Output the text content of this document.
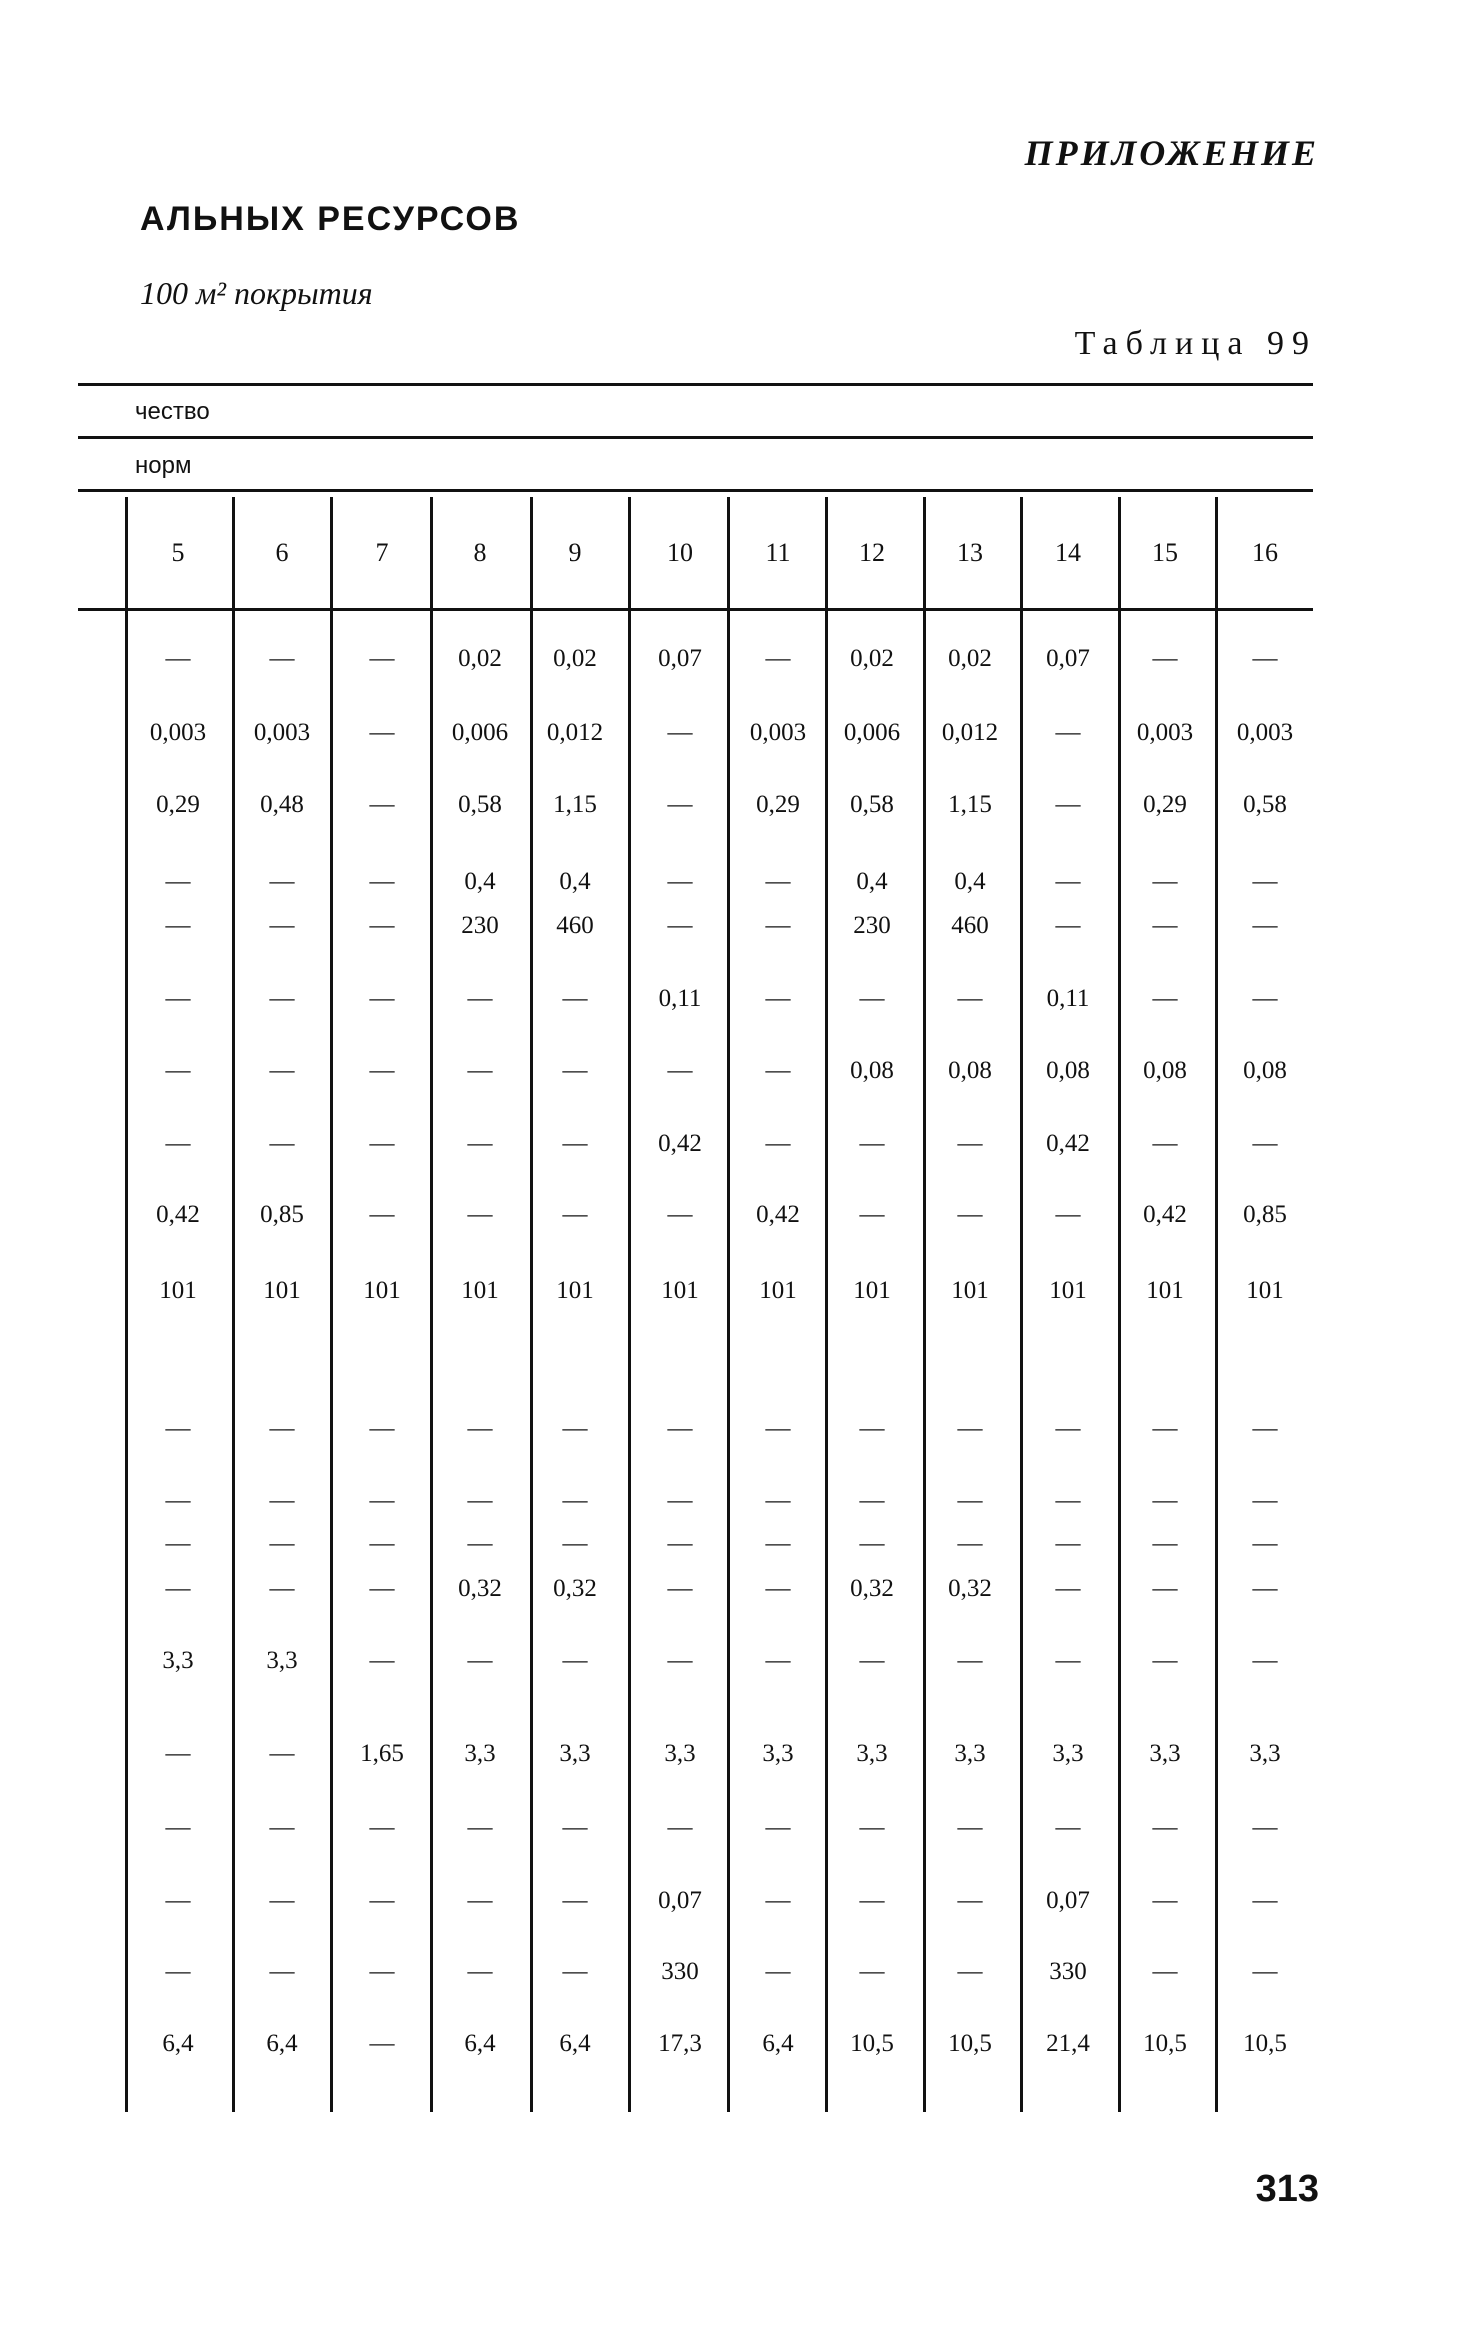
ПРИЛОЖЕНИЕ
АЛЬНЫХ РЕСУРСОВ
100 м² покрытия
Таблица 99
чество
норм
5	6	7	8	9	10	11	12	13	14	15	16
—	—	—	0,02	0,02	0,07	—	0,02	0,02	0,07	—	—
0,003	0,003	—	0,006	0,012	—	0,003	0,006	0,012	—	0,003	0,003
0,29	0,48	—	0,58	1,15	—	0,29	0,58	1,15	—	0,29	0,58
—	—	—	0,4	0,4	—	—	0,4	0,4	—	—	—
—	—	—	230	460	—	—	230	460	—	—	—
—	—	—	—	—	0,11	—	—	—	0,11	—	—
—	—	—	—	—	—	—	0,08	0,08	0,08	0,08	0,08
—	—	—	—	—	0,42	—	—	—	0,42	—	—
0,42	0,85	—	—	—	—	0,42	—	—	—	0,42	0,85
101	101	101	101	101	101	101	101	101	101	101	101
—	—	—	—	—	—	—	—	—	—	—	—
—	—	—	—	—	—	—	—	—	—	—	—
—	—	—	—	—	—	—	—	—	—	—	—
—	—	—	0,32	0,32	—	—	0,32	0,32	—	—	—
3,3	3,3	—	—	—	—	—	—	—	—	—	—
—	—	1,65	3,3	3,3	3,3	3,3	3,3	3,3	3,3	3,3	3,3
—	—	—	—	—	—	—	—	—	—	—	—
—	—	—	—	—	0,07	—	—	—	0,07	—	—
—	—	—	—	—	330	—	—	—	330	—	—
6,4	6,4	—	6,4	6,4	17,3	6,4	10,5	10,5	21,4	10,5	10,5
313
